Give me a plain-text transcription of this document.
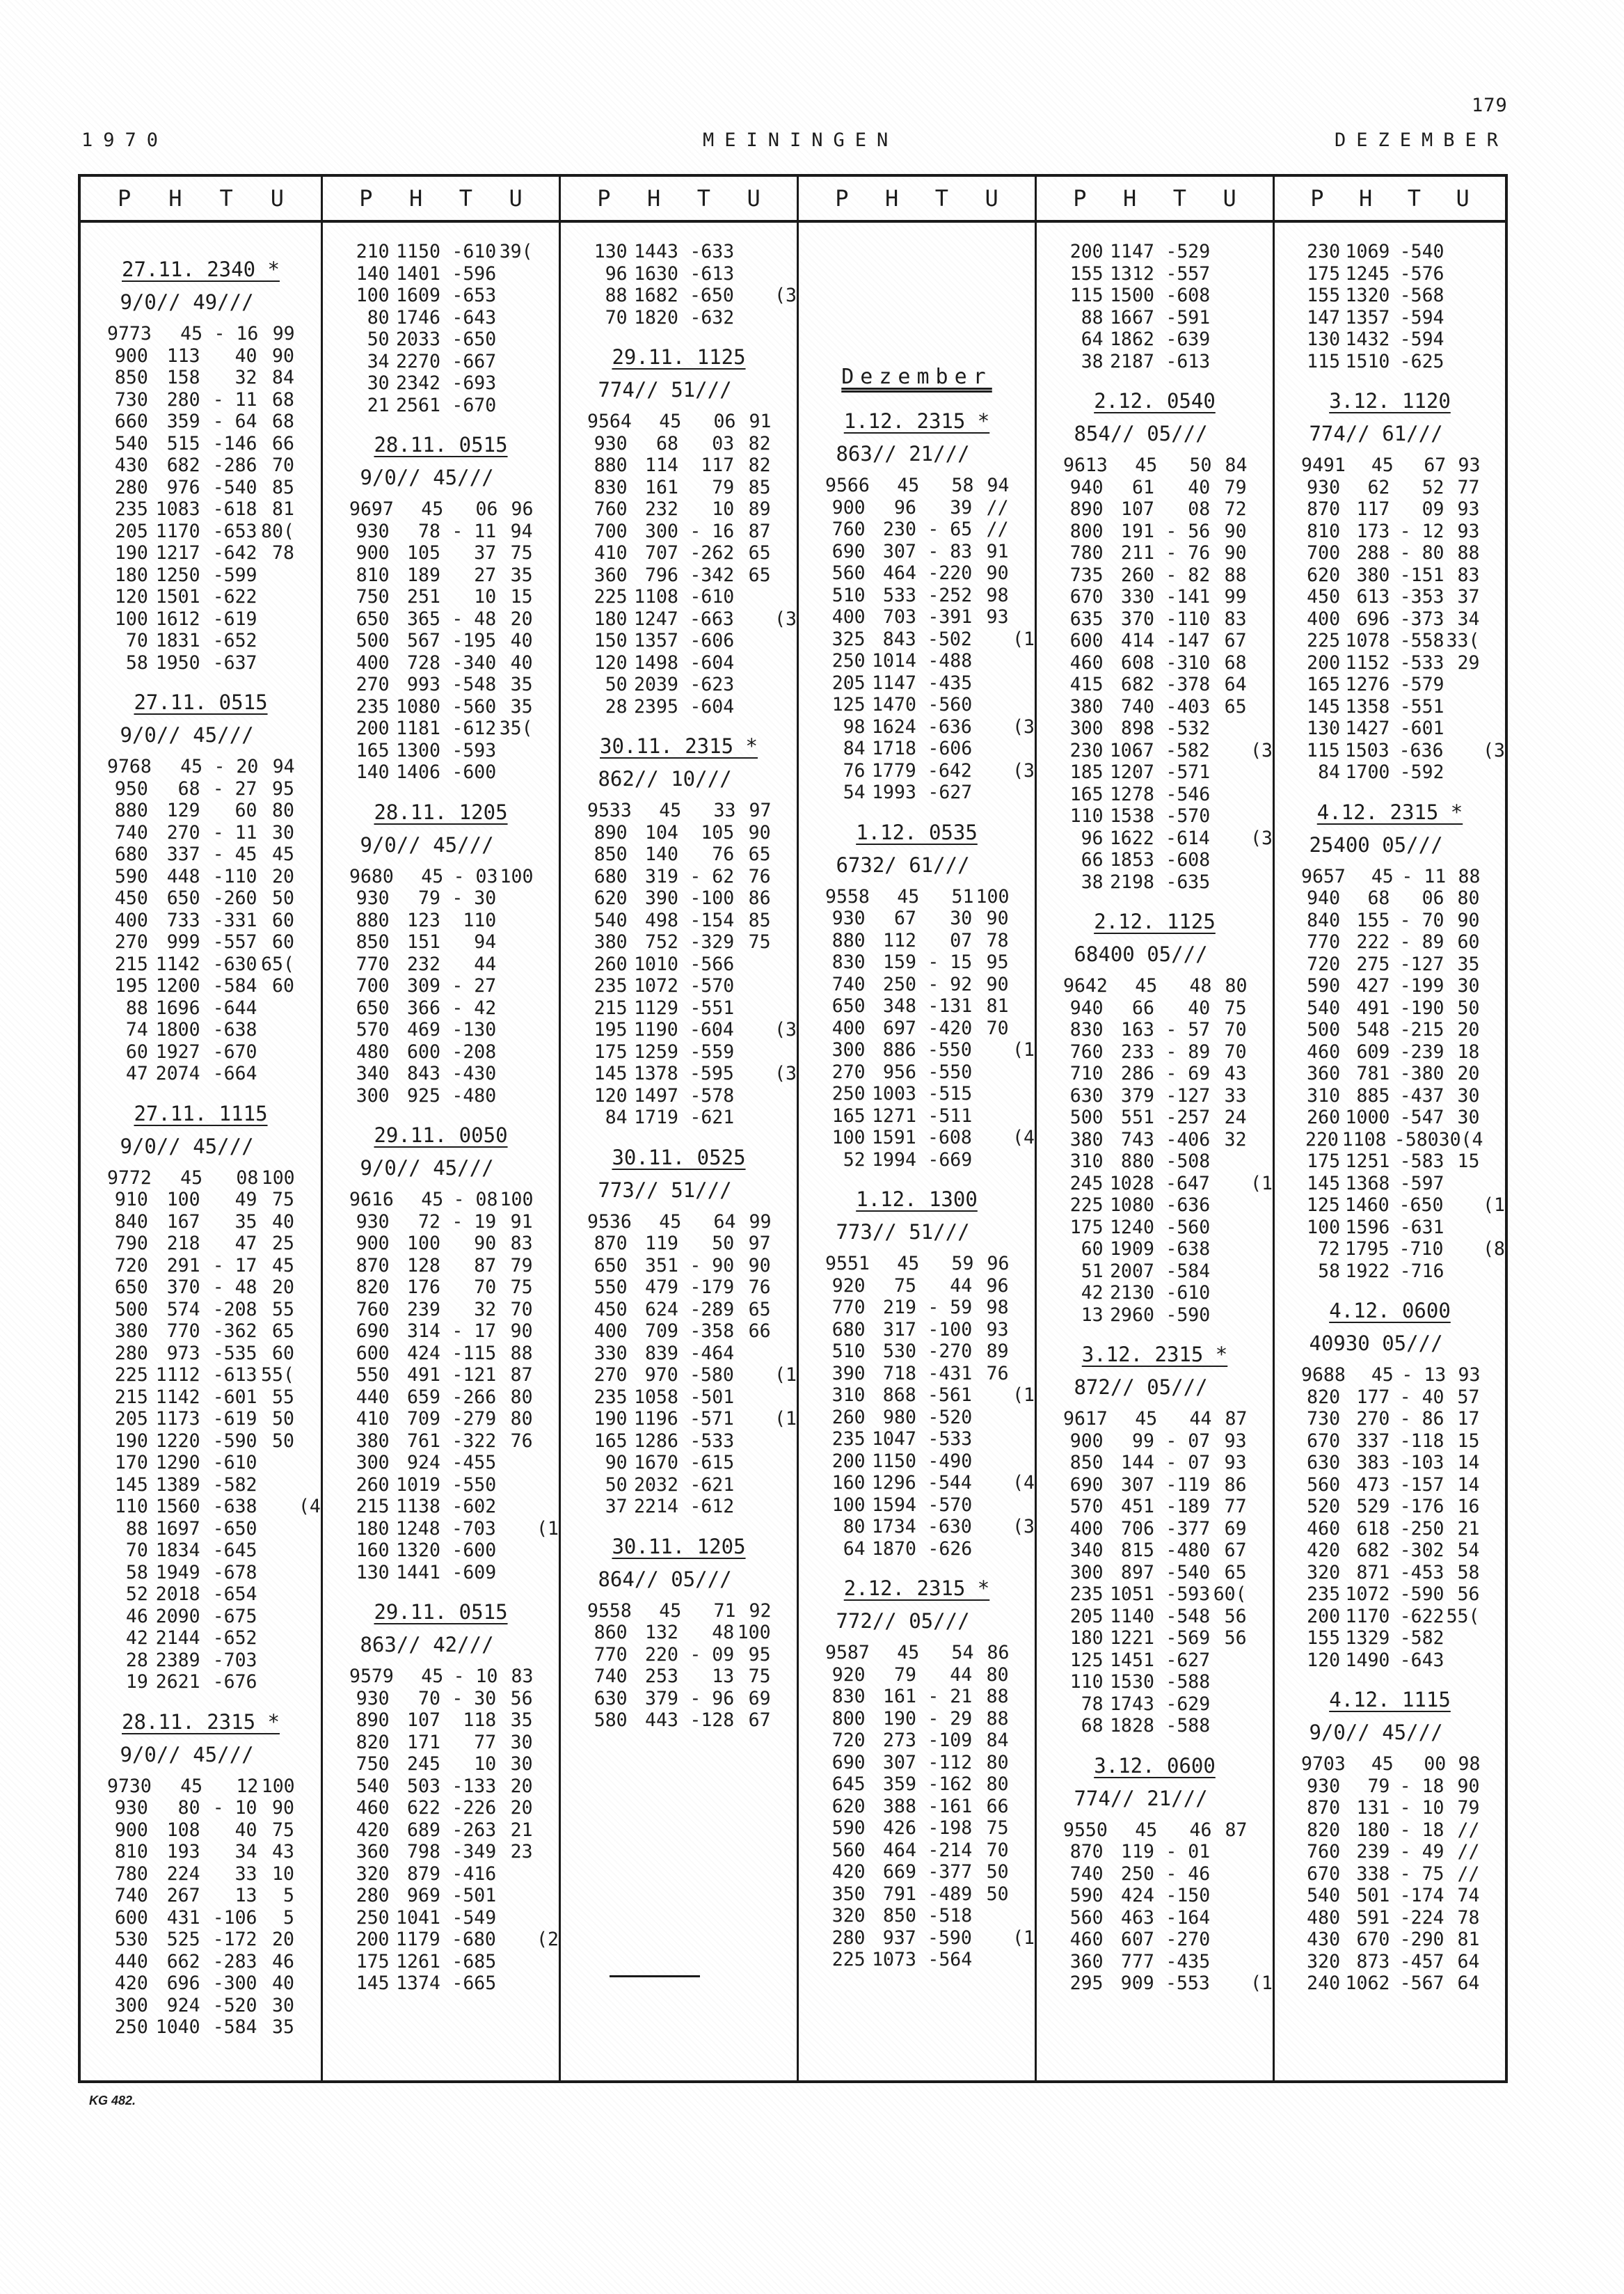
179
1970	MEININGEN	DEZEMBER
P H T U
27.11. 2340 *
9/0// 49///
9773	45 - 16 99
900	113	40 90
850	158	32 84
730	280 - 11 68
660	359 - 64 68
540	515 -146 66
430	682 -286 70
280	976 -540 85
235 1083 -618 81
205 1170 -653 80(
190 1217 -642 78
180 1250 -599
120 1501 -622
100 1612 -619
70 1831 -652
58 1950 -637
27.11. 0515
9/0// 45///
9768	45 - 20 94
950	68 - 27 95
880	129	60 80
740	270 - 11 30
680	337 - 45 45
590	448 -110 20
450	650 -260 50
400	733 -331 60
270	999 -557 60
215 1142 -630 65(
195 1200 -584 60
88 1696 -644
74 1800 -638
60 1927 -670
47 2074 -664
27.11. 1115
9/0// 45///
9772	45	08 100
910	100	49 75
840	167	35 40
790	218	47 25
720	291 - 17 45
650	370 - 48 20
500	574 -208 55
380	770 -362 65
280	973 -535 60
225 1112 -613 55(
215 1142 -601 55
205 1173 -619 50
190 1220 -590 50
170 1290 -610
145 1389 -582
110 1560 -638 (4
88 1697 -650
70 1834 -645
58 1949 -678
52 2018 -654
46 2090 -675
42 2144 -652
28 2389 -703
19 2621 -676
28.11. 2315 *
9/0// 45///
9730	45	12 100
930	80 - 10 90
900	108	40 75
810	193	34 43
780	224	33 10
740	267	13	5
600	431 -106	5
530	525 -172 20
440	662 -283 46
420	696 -300 40
300	924 -520 30
250 1040 -584 35
P H T U
210 1150 -610 39(
140 1401 -596
100 1609 -653
80 1746 -643
50 2033 -650
34 2270 -667
30 2342 -693
21 2561 -670
28.11. 0515
9/0// 45///
9697	45	06 96
930	78 - 11 94
900 105	37 75
810 189	27 35
750 251	10 15
650 365 - 48 20
500 567 -195 40
400 728 -340 40
270 993 -548 35
235 1080 -560 35
200 1181 -612 35(
165 1300 -593
140 1406 -600
28.11. 1205
9/0// 45///
9680	45 - 03 100
930	79 - 30
880 123	110
850 151	94
770 232	44
700 309 - 27
650 366 - 42
570 469 -130
480 600 -208
340 843 -430
300 925 -480
29.11. 0050
9/0// 45///
9616	45 - 08 100
930	72 - 19 91
900 100	90 83
870 128	87 79
820 176	70 75
760 239	32 70
690 314 - 17 90
600 424 -115 88
550 491 -121 87
440 659 -266 80
410 709 -279 80
380 761 -322 76
300 924 -455
260 1019 -550
215 1138 -602
180 1248 -703 (1
160 1320 -600
130 1441 -609
29.11. 0515
863// 42///
9579	45 - 10 83
930	70 - 30 56
890 107	118 35
820 171	77 30
750 245	10 30
540 503 -133 20
460 622 -226 20
420 689 -263 21
360 798 -349 23
320 879 -416
280 969 -501
250 1041 -549
200 1179 -680 (2
175 1261 -685
145 1374 -665
P H T U
130 1443 -633
96 1630 -613
88 1682 -650 (3
70 1820 -632
29.11. 1125
774// 51///
9564	45	06 91
930	68	03 82
880 114	117 82
830 161	79 85
760 232	10 89
700 300 - 16 87
410 707 -262 65
360 796 -342 65
225 1108 -610
180 1247 -663 (3
150 1357 -606
120 1498 -604
50 2039 -623
28 2395 -604
30.11. 2315 *
862// 10///
9533	45	33 97
890 104	105 90
850 140	76 65
680 319 - 62 76
620 390 -100 86
540 498 -154 85
380 752 -329 75
260 1010 -566
235 1072 -570
215 1129 -551
195 1190 -604 (3
175 1259 -559
145 1378 -595 (3
120 1497 -578
84 1719 -621
30.11. 0525
773// 51///
9536	45	64 99
870 119	50 97
650 351 - 90 90
550 479 -179 76
450 624 -289 65
400 709 -358 66
330 839 -464
270 970 -580 (1
235 1058 -501
190 1196 -571 (1
165 1286 -533
90 1670 -615
50 2032 -621
37 2214 -612
30.11. 1205
864// 05///
9558	45	71 92
860 132	48 100
770 220 - 09 95
740 253	13 75
630 379 - 96 69
580 443 -128 67
P H T U
Dezember
1.12. 2315 *
863// 21///
9566	45	58 94
900	96	39 //
760 230 - 65 //
690 307 - 83 91
560 464 -220 90
510 533 -252 98
400 703 -391 93
325 843 -502 (1
250 1014 -488
205 1147 -435
125 1470 -560
98 1624 -636 (3
84 1718 -606
76 1779 -642 (3
54 1993 -627
1.12. 0535
6732/ 61///
9558	45	51 100
930	67	30 90
880 112	07 78
830 159 - 15 95
740 250 - 92 90
650 348 -131 81
400 697 -420 70
300 886 -550 (1
270 956 -550
250 1003 -515
165 1271 -511
100 1591 -608 (4
52 1994 -669
1.12. 1300
773// 51///
9551	45	59 96
920	75	44 96
770 219 - 59 98
680 317 -100 93
510 530 -270 89
390 718 -431 76
310 868 -561 (1
260 980 -520
235 1047 -533
200 1150 -490
160 1296 -544 (4
100 1594 -570
80 1734 -630 (3
64 1870 -626
2.12. 2315 *
772// 05///
9587	45	54 86
920	79	44 80
830 161 - 21 88
800 190 - 29 88
720 273 -109 84
690 307 -112 80
645 359 -162 80
620 388 -161 66
590 426 -198 75
560 464 -214 70
420 669 -377 50
350 791 -489 50
320 850 -518
280 937 -590 (1
225 1073 -564
P H T U
200 1147 -529
155 1312 -557
115 1500 -608
88 1667 -591
64 1862 -639
38 2187 -613
2.12. 0540
854// 05///
9613	45	50 84
940	61	40 79
890 107	08 72
800 191 - 56 90
780 211 - 76 90
735 260 - 82 88
670 330 -141 99
635 370 -110 83
600 414 -147 67
460 608 -310 68
415 682 -378 64
380 740 -403 65
300 898 -532
230 1067 -582 (3
185 1207 -571
165 1278 -546
110 1538 -570
96 1622 -614 (3
66 1853 -608
38 2198 -635
2.12. 1125
68400 05///
9642	45	48 80
940	66	40 75
830 163 - 57 70
760 233 - 89 70
710 286 - 69 43
630 379 -127 33
500 551 -257 24
380 743 -406 32
310 880 -508
245 1028 -647 (1
225 1080 -636
175 1240 -560
60 1909 -638
51 2007 -584
42 2130 -610
13 2960 -590
3.12. 2315 *
872// 05///
9617	45	44 87
900	99 - 07 93
850 144 - 07 93
690 307 -119 86
570 451 -189 77
400 706 -377 69
340 815 -480 67
300 897 -540 65
235 1051 -593 60(
205 1140 -548 56
180 1221 -569 56
125 1451 -627
110 1530 -588
78 1743 -629
68 1828 -588
3.12. 0600
774// 21///
9550	45	46 87
870 119 - 01
740 250 - 46
590 424 -150
560 463 -164
460 607 -270
360 777 -435
295 909 -553 (1
P H T U
230 1069 -540
175 1245 -576
155 1320 -568
147 1357 -594
130 1432 -594
115 1510 -625
3.12. 1120
774// 61///
9491	45	67 93
930	62	52 77
870 117	09 93
810 173 - 12 93
700 288 - 80 88
620 380 -151 83
450 613 -353 37
400 696 -373 34
225 1078 -558 33(
200 1152 -533 29
165 1276 -579
145 1358 -551
130 1427 -601
115 1503 -636 (3
84 1700 -592
4.12. 2315 *
25400 05///
9657	45 - 11 88
940	68	06 80
840 155 - 70 90
770 222 - 89 60
720 275 -127 35
590 427 -199 30
540 491 -190 50
500 548 -215 20
460 609 -239 18
360 781 -380 20
310 885 -437 30
260 1000 -547 30
220 1108 -580 30(4
175 1251 -583 15
145 1368 -597
125 1460 -650 (1
100 1596 -631
72 1795 -710 (8
58 1922 -716
4.12. 0600
40930 05///
9688	45 - 13 93
820 177 - 40 57
730 270 - 86 17
670 337 -118 15
630 383 -103 14
560 473 -157 14
520 529 -176 16
460 618 -250 21
420 682 -302 54
320 871 -453 58
235 1072 -590 56
200 1170 -622 55(
155 1329 -582
120 1490 -643
4.12. 1115
9/0// 45///
9703	45	00 98
930	79 - 18 90
870 131 - 10 79
820 180 - 18 //
760 239 - 49 //
670 338 - 75 //
540 501 -174 74
480 591 -224 78
430 670 -290 81
320 873 -457 64
240 1062 -567 64
KG 482.
